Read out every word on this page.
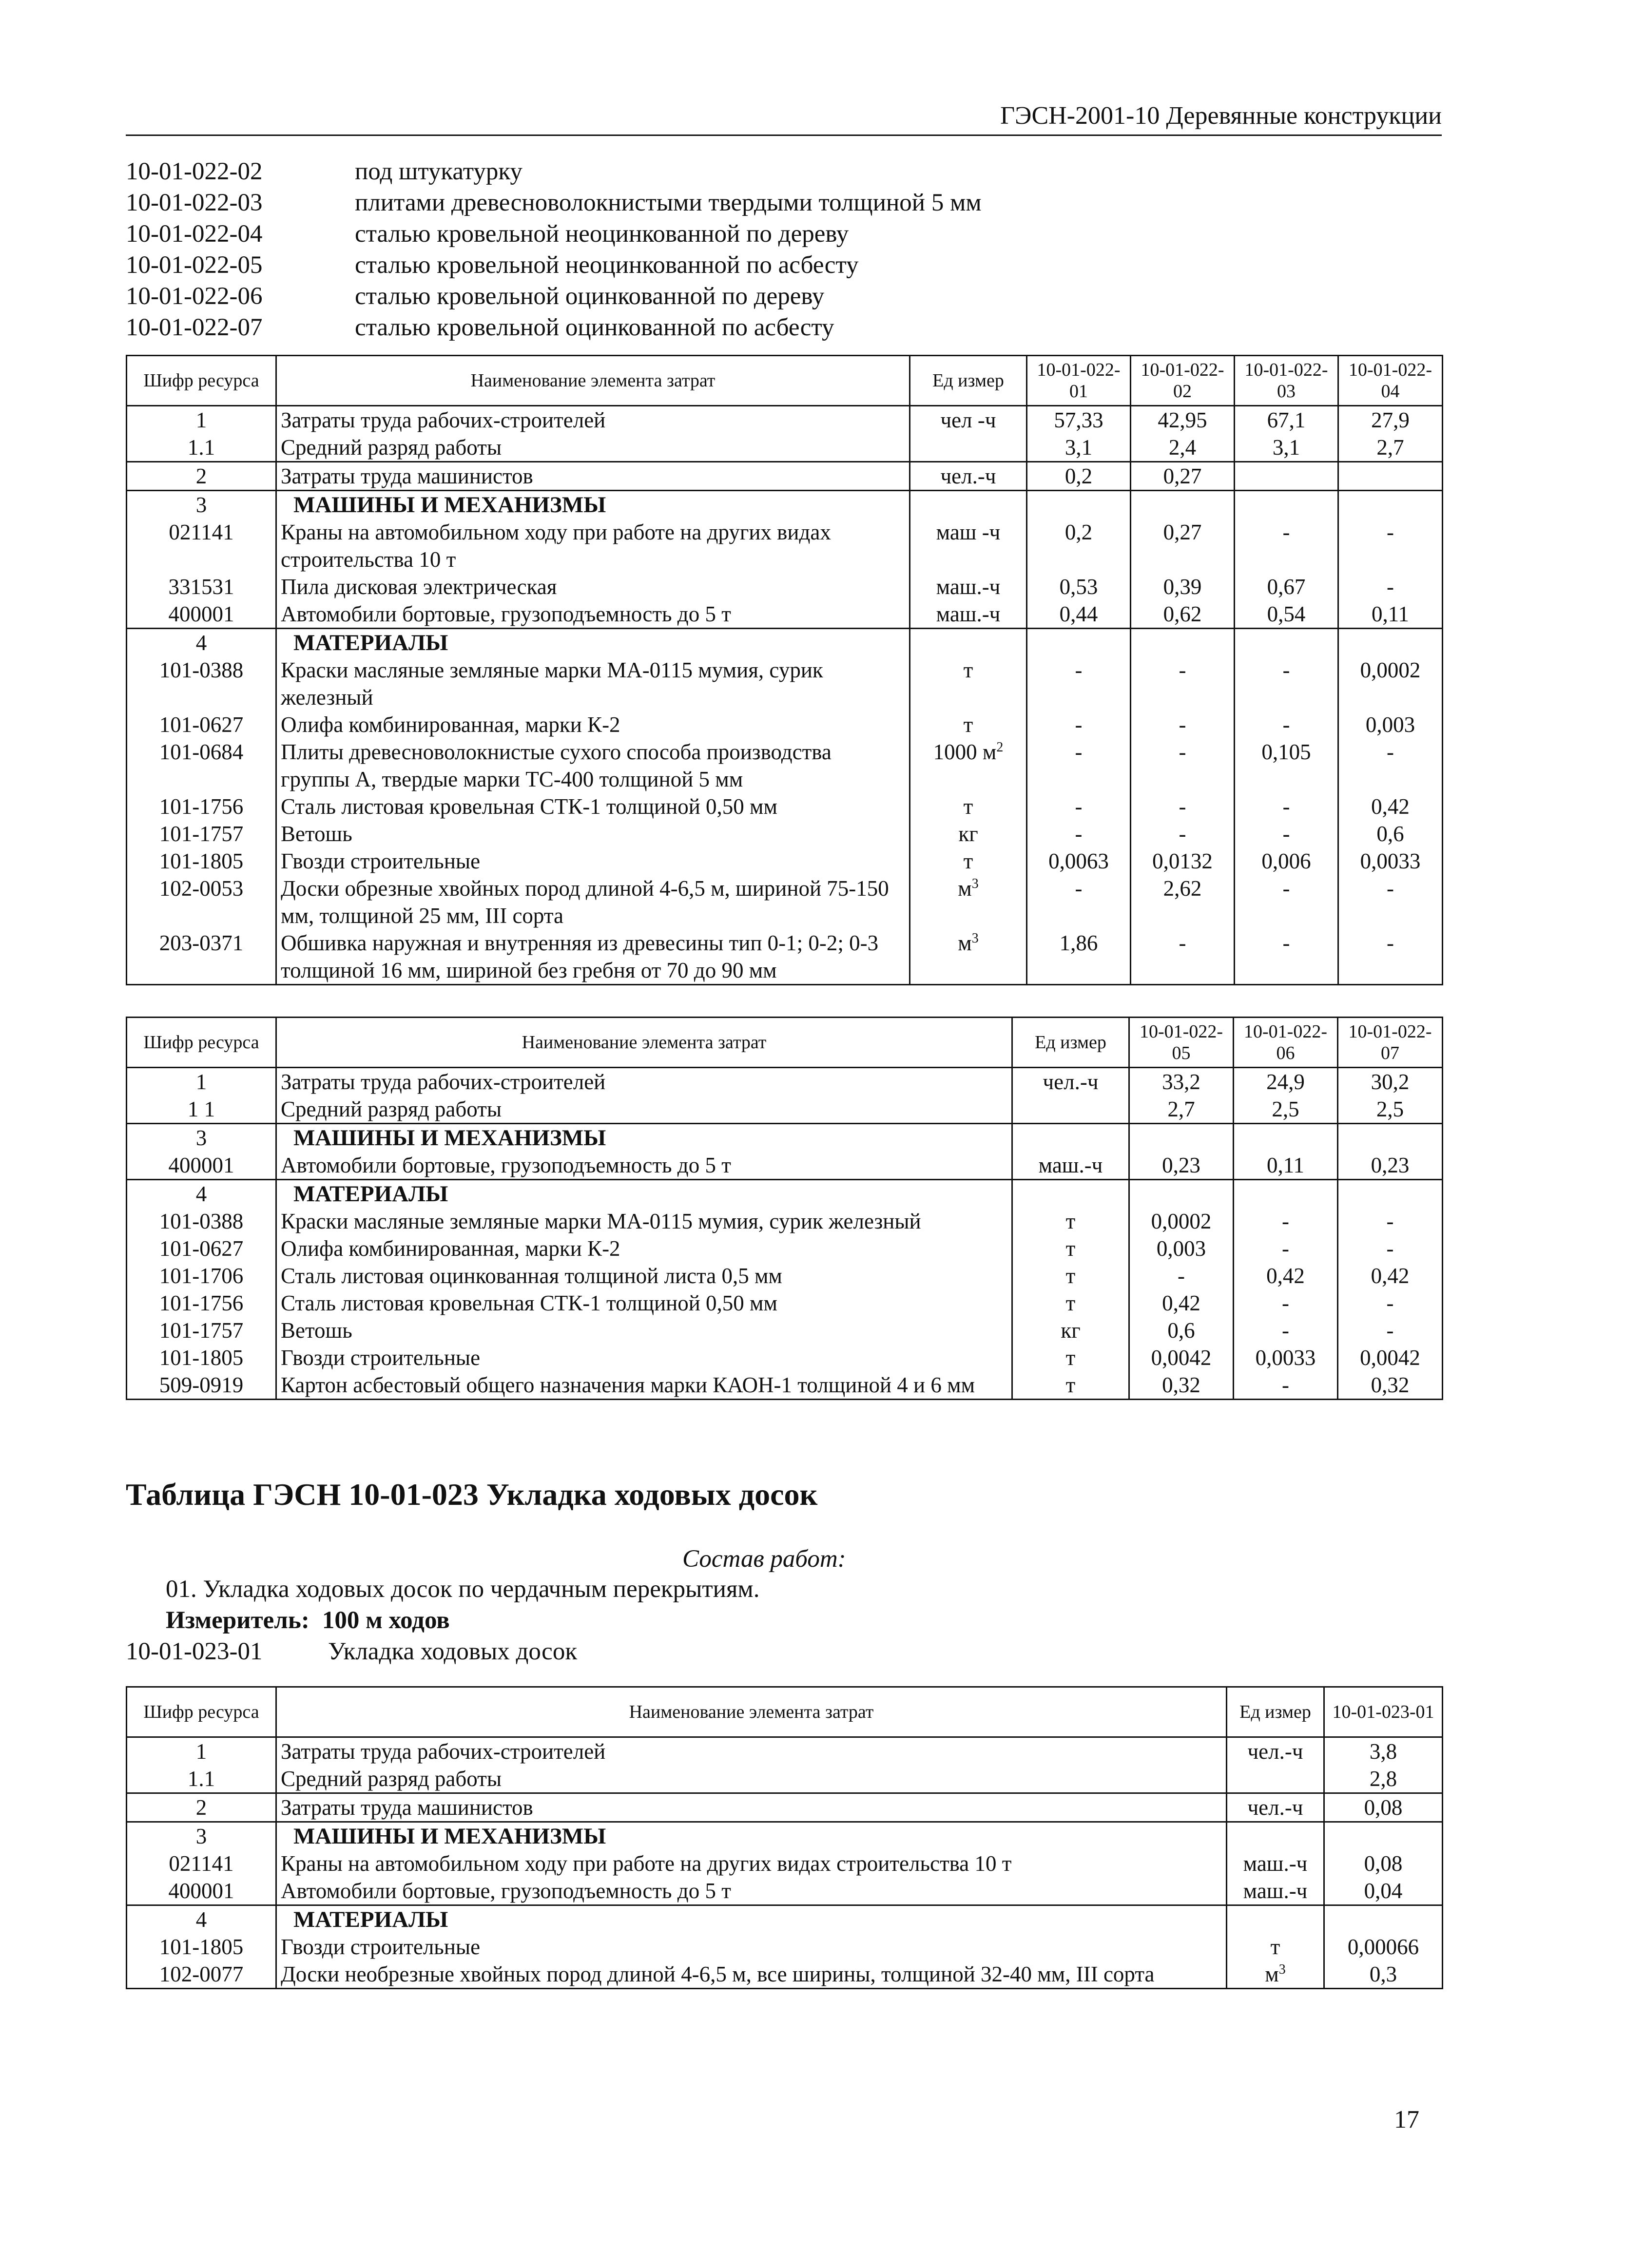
ГЭСН-2001-10 Деревянные конструкции
10-01-022-02	под штукатурку
10-01-022-03	плитами древесноволокнистыми твердыми толщиной 5 мм
10-01-022-04	сталью кровельной неоцинкованной по дереву
10-01-022-05	сталью кровельной неоцинкованной по асбесту
10-01-022-06	сталью кровельной оцинкованной по дереву
10-01-022-07	сталью кровельной оцинкованной по асбесту
Шифр ресурса	Наименование элемента затрат	Ед измер	10-01-022-01	10-01-022-02	10-01-022-03	10-01-022-04
1	Затраты труда рабочих-строителей	чел -ч	57,33	42,95	67,1	27,9
1.1	Средний разряд работы		3,1	2,4	3,1	2,7
2	Затраты труда машинистов	чел.-ч	0,2	0,27		
3	МАШИНЫ И МЕХАНИЗМЫ					
021141	Краны на автомобильном ходу при работе на других видах строительства 10 т	маш -ч	0,2	0,27	-	-
331531	Пила дисковая электрическая	маш.-ч	0,53	0,39	0,67	-
400001	Автомобили бортовые, грузоподъемность до 5 т	маш.-ч	0,44	0,62	0,54	0,11
4	МАТЕРИАЛЫ					
101-0388	Краски масляные земляные марки МА-0115 мумия, сурик железный	т	-	-	-	0,0002
101-0627	Олифа комбинированная, марки К-2	т	-	-	-	0,003
101-0684	Плиты древесноволокнистые сухого способа производства группы А, твердые марки ТС-400 толщиной 5 мм	1000 $м^2$	-	-	0,105	-
101-1756	Сталь листовая кровельная СТК-1 толщиной 0,50 мм	т	-	-	-	0,42
101-1757	Ветошь	кг	-	-	-	0,6
101-1805	Гвозди строительные	т	0,0063	0,0132	0,006	0,0033
102-0053	Доски обрезные хвойных пород длиной 4-6,5 м, шириной 75-150 мм, толщиной 25 мм, III сорта	$м^3$	-	2,62	-	-
203-0371	Обшивка наружная и внутренняя из древесины тип 0-1; 0-2; 0-3 толщиной 16 мм, шириной без гребня от 70 до 90 мм	$м^3$	1,86	-	-	-
Шифр ресурса	Наименование элемента затрат	Ед измер	10-01-022-05	10-01-022-06	10-01-022-07
1	Затраты труда рабочих-строителей	чел.-ч	33,2	24,9	30,2
1 1	Средний разряд работы		2,7	2,5	2,5
3	МАШИНЫ И МЕХАНИЗМЫ				
400001	Автомобили бортовые, грузоподъемность до 5 т	маш.-ч	0,23	0,11	0,23
4	МАТЕРИАЛЫ				
101-0388	Краски масляные земляные марки МА-0115 мумия, сурик железный	т	0,0002	-	-
101-0627	Олифа комбинированная, марки К-2	т	0,003	-	-
101-1706	Сталь листовая оцинкованная толщиной листа 0,5 мм	т	-	0,42	0,42
101-1756	Сталь листовая кровельная СТК-1 толщиной 0,50 мм	т	0,42	-	-
101-1757	Ветошь	кг	0,6	-	-
101-1805	Гвозди строительные	т	0,0042	0,0033	0,0042
509-0919	Картон асбестовый общего назначения марки КАОН-1 толщиной 4 и 6 мм	т	0,32	-	0,32
Таблица ГЭСН 10-01-023 Укладка ходовых досок
Состав работ:
01. Укладка ходовых досок по чердачным перекрытиям.
Измеритель: 100 м ходов
10-01-023-01	Укладка ходовых досок
Шифр ресурса	Наименование элемента затрат	Ед измер	10-01-023-01
1	Затраты труда рабочих-строителей	чел.-ч	3,8
1.1	Средний разряд работы		2,8
2	Затраты труда машинистов	чел.-ч	0,08
3	МАШИНЫ И МЕХАНИЗМЫ		
021141	Краны на автомобильном ходу при работе на других видах строительства 10 т	маш.-ч	0,08
400001	Автомобили бортовые, грузоподъемность до 5 т	маш.-ч	0,04
4	МАТЕРИАЛЫ		
101-1805	Гвозди строительные	т	0,00066
102-0077	Доски необрезные хвойных пород длиной 4-6,5 м, все ширины, толщиной 32-40 мм, III сорта	$м^3$	0,3
17
